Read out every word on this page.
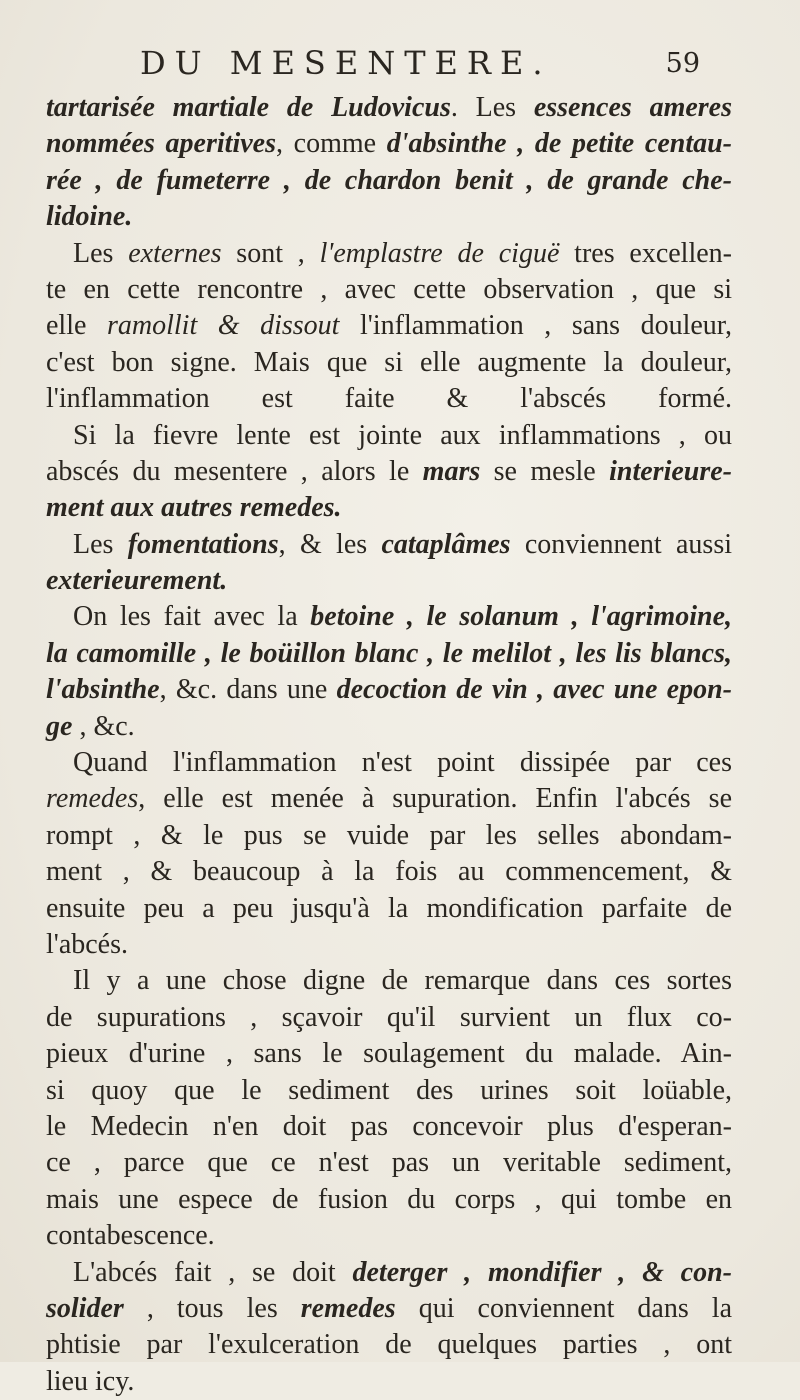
DU MESENTERE.	59
tartarisée martiale de Ludovicus. Les essences ameres
nommées aperitives, comme d'absinthe , de petite centau-
rée , de fumeterre , de chardon benit , de grande che-
lidoine.
Les externes sont , l'emplastre de ciguë tres excellen-
te en cette rencontre , avec cette observation , que si
elle ramollit & dissout l'inflammation , sans douleur,
c'est bon signe. Mais que si elle augmente la douleur,
l'inflammation est faite & l'abscés formé.
Si la fievre lente est jointe aux inflammations , ou
abscés du mesentere , alors le mars se mesle interieure-
ment aux autres remedes.
Les fomentations, & les cataplâmes conviennent aussi
exterieurement.
On les fait avec la betoine , le solanum , l'agrimoine,
la camomille , le boüillon blanc , le melilot , les lis blancs,
l'absinthe, &c. dans une decoction de vin , avec une epon-
ge , &c.
Quand l'inflammation n'est point dissipée par ces
remedes, elle est menée à supuration. Enfin l'abcés se
rompt , & le pus se vuide par les selles abondam-
ment , & beaucoup à la fois au commencement, &
ensuite peu a peu jusqu'à la mondification parfaite de
l'abcés.
Il y a une chose digne de remarque dans ces sortes
de supurations , sçavoir qu'il survient un flux co-
pieux d'urine , sans le soulagement du malade. Ain-
si quoy que le sediment des urines soit loüable,
le Medecin n'en doit pas concevoir plus d'esperan-
ce , parce que ce n'est pas un veritable sediment,
mais une espece de fusion du corps , qui tombe en
contabescence.
L'abcés fait , se doit deterger , mondifier , & con-
solider , tous les remedes qui conviennent dans la
phtisie par l'exulceration de quelques parties , ont
lieu icy.
